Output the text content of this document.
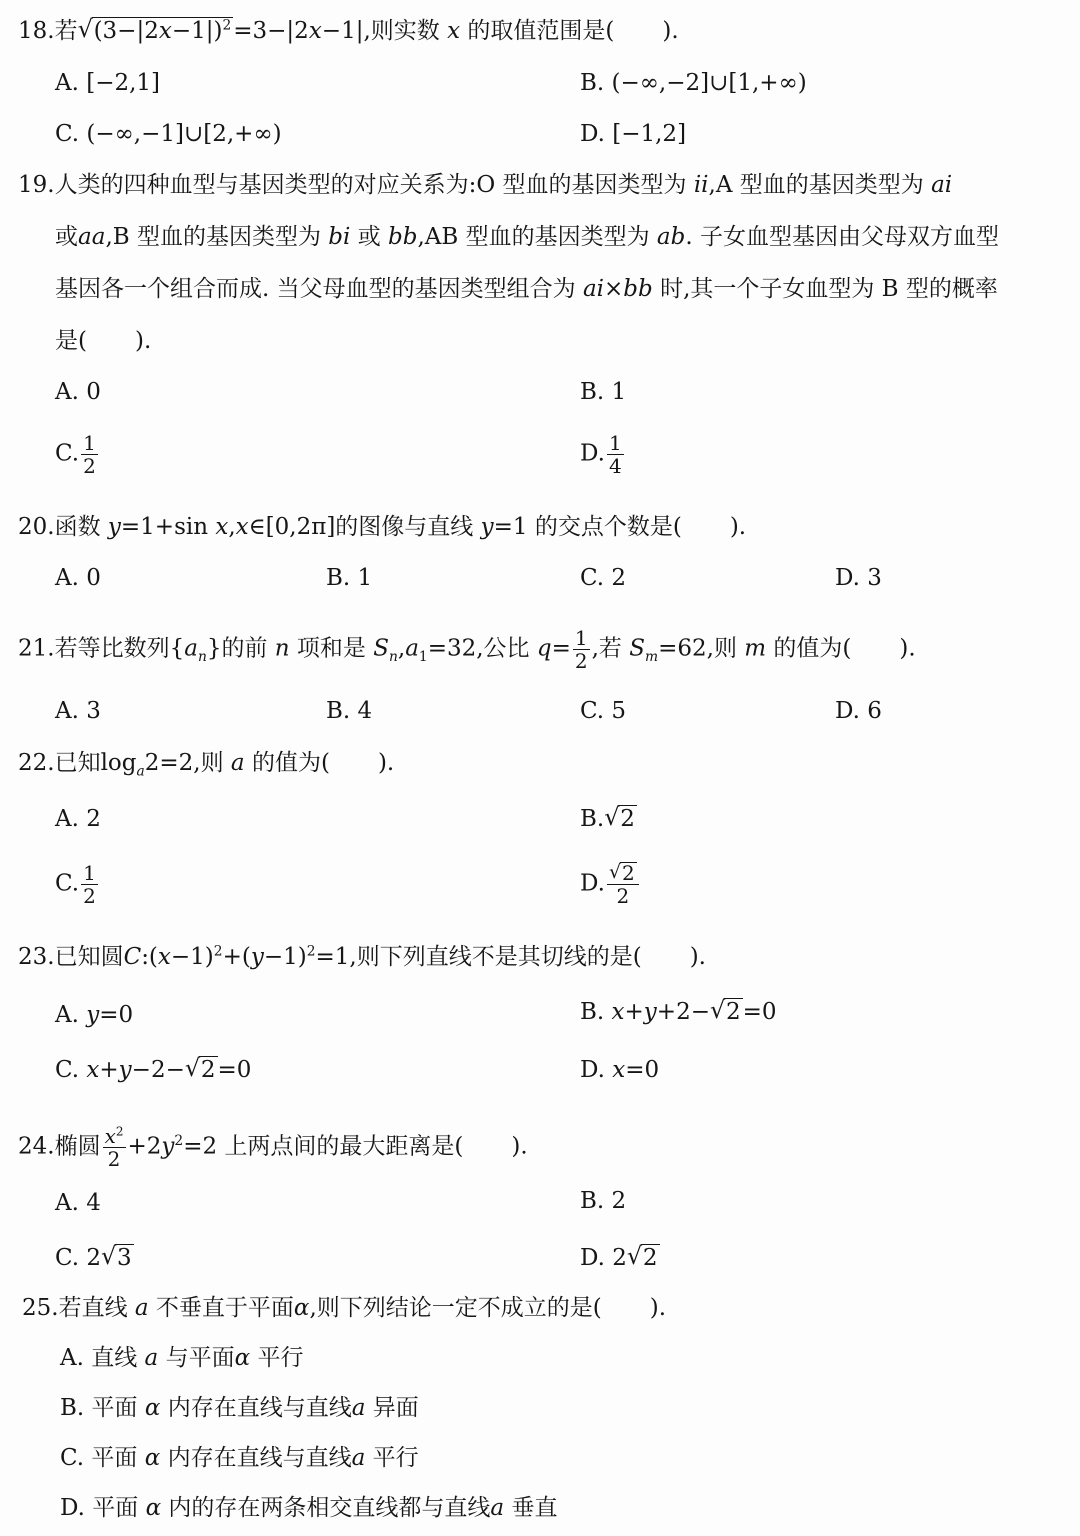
18.若 √ $(3-|2x-1|)^2=3-|2x-1|$,则实数 x 的取值范围是( ).
A. [−2,1]	B. (−∞,−2]∪[1,+∞)
C. (−∞,−1]∪[2,+∞)	D. [−1,2]
19.人类的四种血型与基因类型的对应关系为:O 型血的基因类型为 ii,A 型血的基因类型为 ai
或aa,B 型血的基因类型为 bi 或 bb,AB 型血的基因类型为 ab. 子女血型基因由父母双方血型
基因各一个组合而成. 当父母血型的基因类型组合为 ai×bb 时,其一个子女血型为 B 型的概率
是( ).
A. 0	B. 1
C. $\frac{1}{2}$	D. $\frac{1}{4}$
20.函数 y=1+sin x,x∈[0,2π]的图像与直线 y=1 的交点个数是( ).
A. 0	B. 1	C. 2	D. 3
21.若等比数列$\{a_n\}$的前 n 项和是 $S_n,a_1=32$,公比 $q= \frac{1}{2}$ ,若 $S_m=62$,则 m 的值为( ).
A. 3	B. 4	C. 5	D. 6
22.已知$\log_a2=2$,则 a 的值为( ).
A. 2	B. √ 2
C. $\frac{1}{2}$	D. √ $\frac{2}{2}$
23.已知圆$C:(x-1)^2+(y-1)^2=1$,则下列直线不是其切线的是( ).
A. y=0	B. x+y+2− √ 2=0
C. x+y−2− √ 2=0	D. x=0
24.椭圆 $\frac{x^2}{2} +2y^2=2$ 上两点间的最大距离是( ).
A. 4	B. 2
C. 2 √ 3	D. 2 √ 2
25.若直线 a 不垂直于平面α,则下列结论一定不成立的是( ).
A. 直线 a 与平面α 平行
B. 平面 α 内存在直线与直线a 异面
C. 平面 α 内存在直线与直线a 平行
D. 平面 α 内的存在两条相交直线都与直线a 垂直
